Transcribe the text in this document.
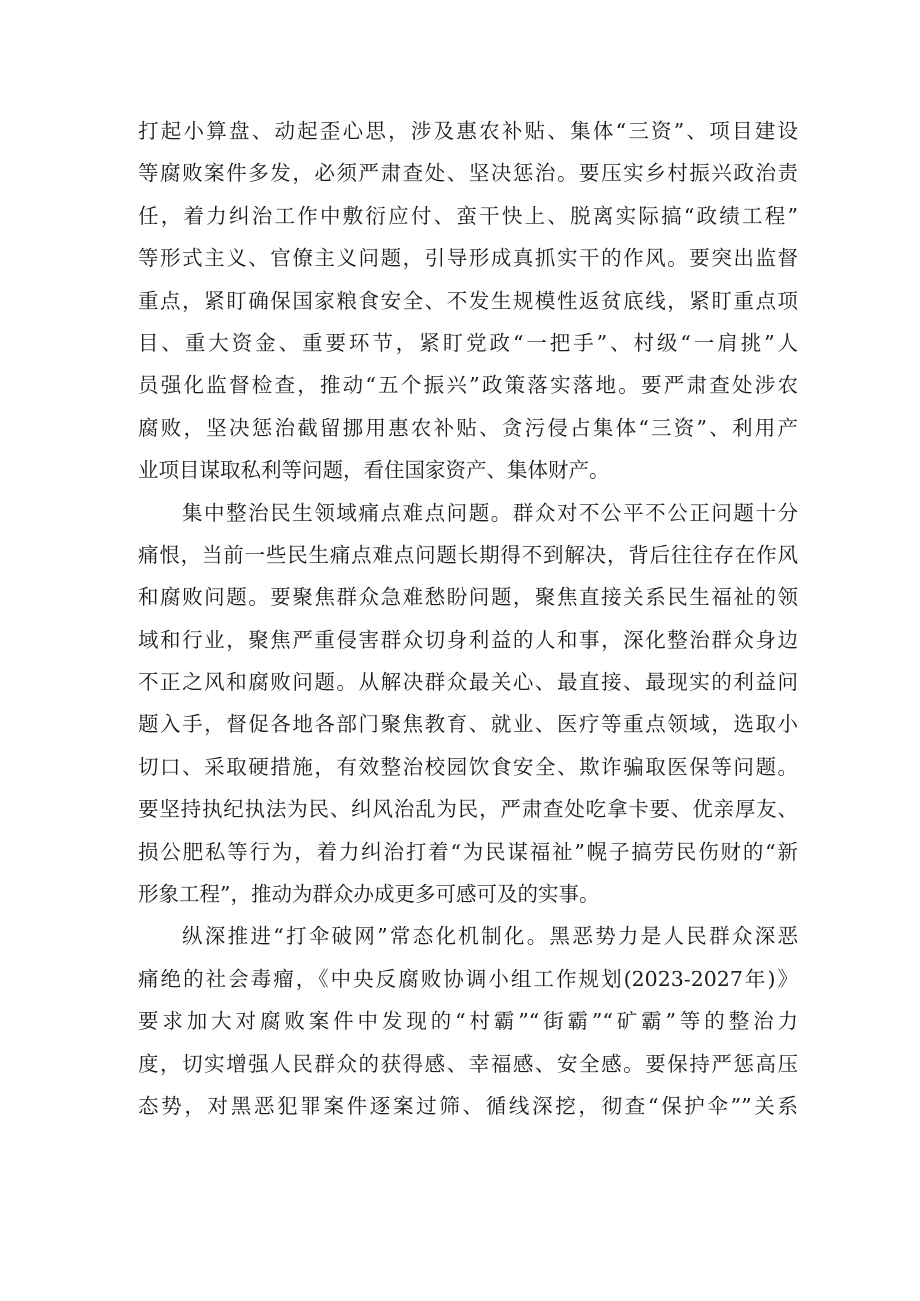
打起小算盘、动起歪心思，涉及惠农补贴、集体“三资”、项目建设
等腐败案件多发，必须严肃查处、坚决惩治。要压实乡村振兴政治责
任，着力纠治工作中敷衍应付、蛮干快上、脱离实际搞“政绩工程”
等形式主义、官僚主义问题，引导形成真抓实干的作风。要突出监督
重点，紧盯确保国家粮食安全、不发生规模性返贫底线，紧盯重点项
目、重大资金、重要环节，紧盯党政“一把手”、村级“一肩挑”人
员强化监督检查，推动“五个振兴”政策落实落地。要严肃查处涉农
腐败，坚决惩治截留挪用惠农补贴、贪污侵占集体“三资”、利用产
业项目谋取私利等问题，看住国家资产、集体财产。
集中整治民生领域痛点难点问题。群众对不公平不公正问题十分
痛恨，当前一些民生痛点难点问题长期得不到解决，背后往往存在作风
和腐败问题。要聚焦群众急难愁盼问题，聚焦直接关系民生福祉的领
域和行业，聚焦严重侵害群众切身利益的人和事，深化整治群众身边
不正之风和腐败问题。从解决群众最关心、最直接、最现实的利益问
题入手，督促各地各部门聚焦教育、就业、医疗等重点领域，选取小
切口、采取硬措施，有效整治校园饮食安全、欺诈骗取医保等问题。
要坚持执纪执法为民、纠风治乱为民，严肃查处吃拿卡要、优亲厚友、
损公肥私等行为，着力纠治打着“为民谋福祉”幌子搞劳民伤财的“新
形象工程”，推动为群众办成更多可感可及的实事。
纵深推进“打伞破网”常态化机制化。黑恶势力是人民群众深恶
痛绝的社会毒瘤，《中央反腐败协调小组工作规划(2023-2027年)》
要求加大对腐败案件中发现的“村霸”“街霸”“矿霸”等的整治力
度，切实增强人民群众的获得感、幸福感、安全感。要保持严惩高压
态势，对黑恶犯罪案件逐案过筛、循线深挖，彻查“保护伞””关系
